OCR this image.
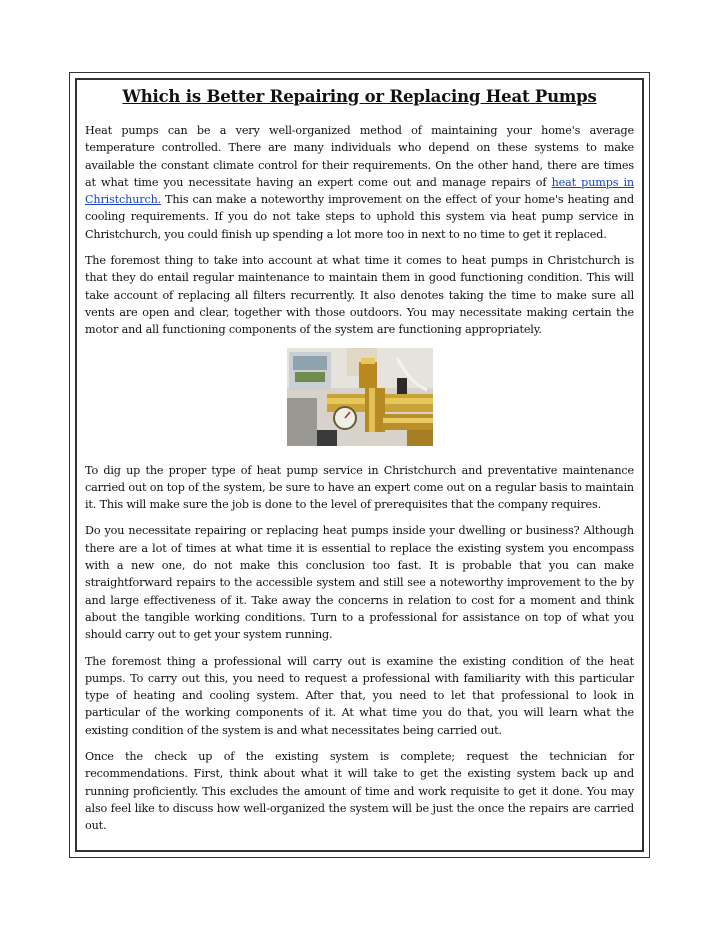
Which is Better Repairing or Replacing Heat Pumps

Heat pumps can be a very well-organized method of maintaining your home's average temperature controlled. There are many individuals who depend on these systems to make available the constant climate control for their requirements. On the other hand, there are times at what time you necessitate having an expert come out and manage repairs of heat pumps in Christchurch. This can make a noteworthy improvement on the effect of your home's heating and cooling requirements. If you do not take steps to uphold this system via heat pump service in Christchurch, you could finish up spending a lot more too in next to no time to get it replaced.

The foremost thing to take into account at what time it comes to heat pumps in Christchurch is that they do entail regular maintenance to maintain them in good functioning condition. This will take account of replacing all filters recurrently. It also denotes taking the time to make sure all vents are open and clear, together with those outdoors. You may necessitate making certain the motor and all functioning components of the system are functioning appropriately.

To dig up the proper type of heat pump service in Christchurch and preventative maintenance carried out on top of the system, be sure to have an expert come out on a regular basis to maintain it. This will make sure the job is done to the level of prerequisites that the company requires.

Do you necessitate repairing or replacing heat pumps inside your dwelling or business? Although there are a lot of times at what time it is essential to replace the existing system you encompass with a new one, do not make this conclusion too fast. It is probable that you can make straightforward repairs to the accessible system and still see a noteworthy improvement to the by and large effectiveness of it. Take away the concerns in relation to cost for a moment and think about the tangible working conditions. Turn to a professional for assistance on top of what you should carry out to get your system running.

The foremost thing a professional will carry out is examine the existing condition of the heat pumps. To carry out this, you need to request a professional with familiarity with this particular type of heating and cooling system. After that, you need to let that professional to look in particular of the working components of it. At what time you do that, you will learn what the existing condition of the system is and what necessitates being carried out.

Once the check up of the existing system is complete; request the technician for recommendations. First, think about what it will take to get the existing system back up and running proficiently. This excludes the amount of time and work requisite to get it done. You may also feel like to discuss how well-organized the system will be just the once the repairs are carried out.
